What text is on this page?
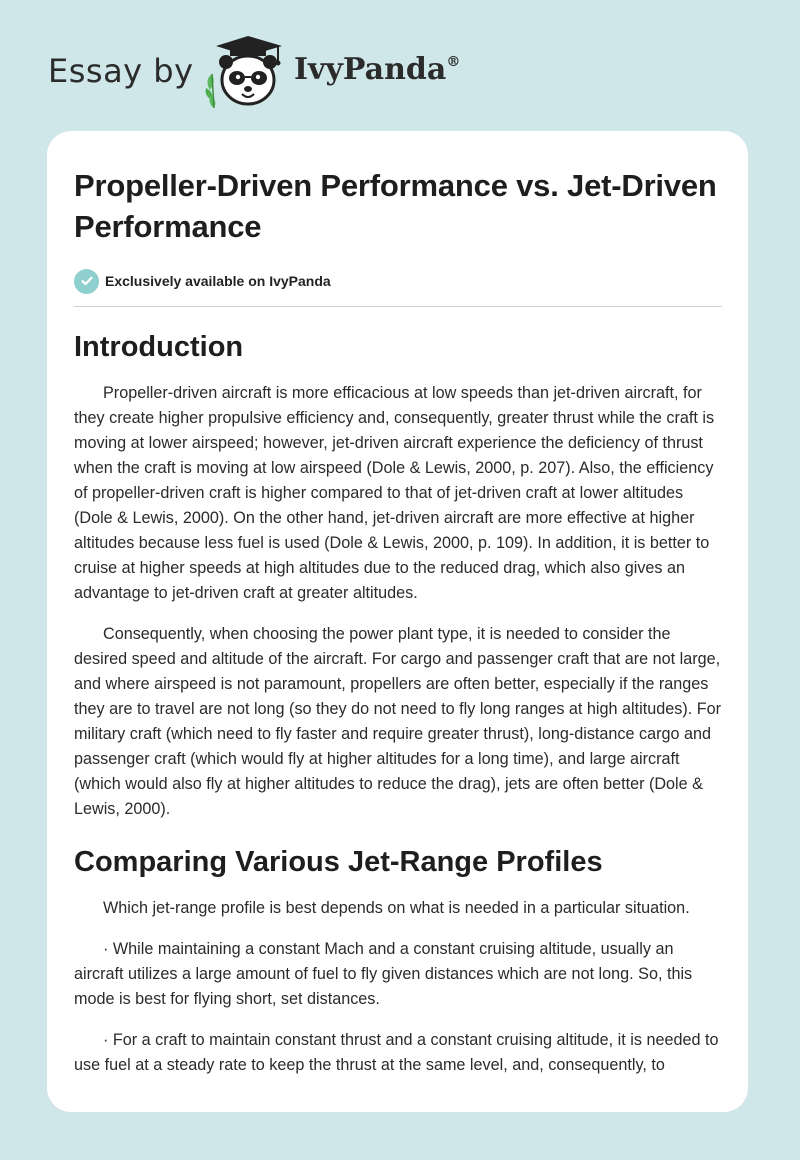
Essay by	IvyPanda®
Propeller-Driven Performance vs. Jet-Driven Performance
Exclusively available on IvyPanda
Introduction

Propeller-driven aircraft is more efficacious at low speeds than jet-driven aircraft, for they create higher propulsive efficiency and, consequently, greater thrust while the craft is moving at lower airspeed; however, jet-driven aircraft experience the deficiency of thrust when the craft is moving at low airspeed (Dole & Lewis, 2000, p. 207). Also, the efficiency of propeller-driven craft is higher compared to that of jet-driven craft at lower altitudes (Dole & Lewis, 2000). On the other hand, jet-driven aircraft are more effective at higher altitudes because less fuel is used (Dole & Lewis, 2000, p. 109). In addition, it is better to cruise at higher speeds at high altitudes due to the reduced drag, which also gives an advantage to jet-driven craft at greater altitudes.

Consequently, when choosing the power plant type, it is needed to consider the desired speed and altitude of the aircraft. For cargo and passenger craft that are not large, and where airspeed is not paramount, propellers are often better, especially if the ranges they are to travel are not long (so they do not need to fly long ranges at high altitudes). For military craft (which need to fly faster and require greater thrust), long-distance cargo and passenger craft (which would fly at higher altitudes for a long time), and large aircraft (which would also fly at higher altitudes to reduce the drag), jets are often better (Dole & Lewis, 2000).

Comparing Various Jet-Range Profiles

Which jet-range profile is best depends on what is needed in a particular situation.

· While maintaining a constant Mach and a constant cruising altitude, usually an aircraft utilizes a large amount of fuel to fly given distances which are not long. So, this mode is best for flying short, set distances.

· For a craft to maintain constant thrust and a constant cruising altitude, it is needed to use fuel at a steady rate to keep the thrust at the same level, and, consequently, to
